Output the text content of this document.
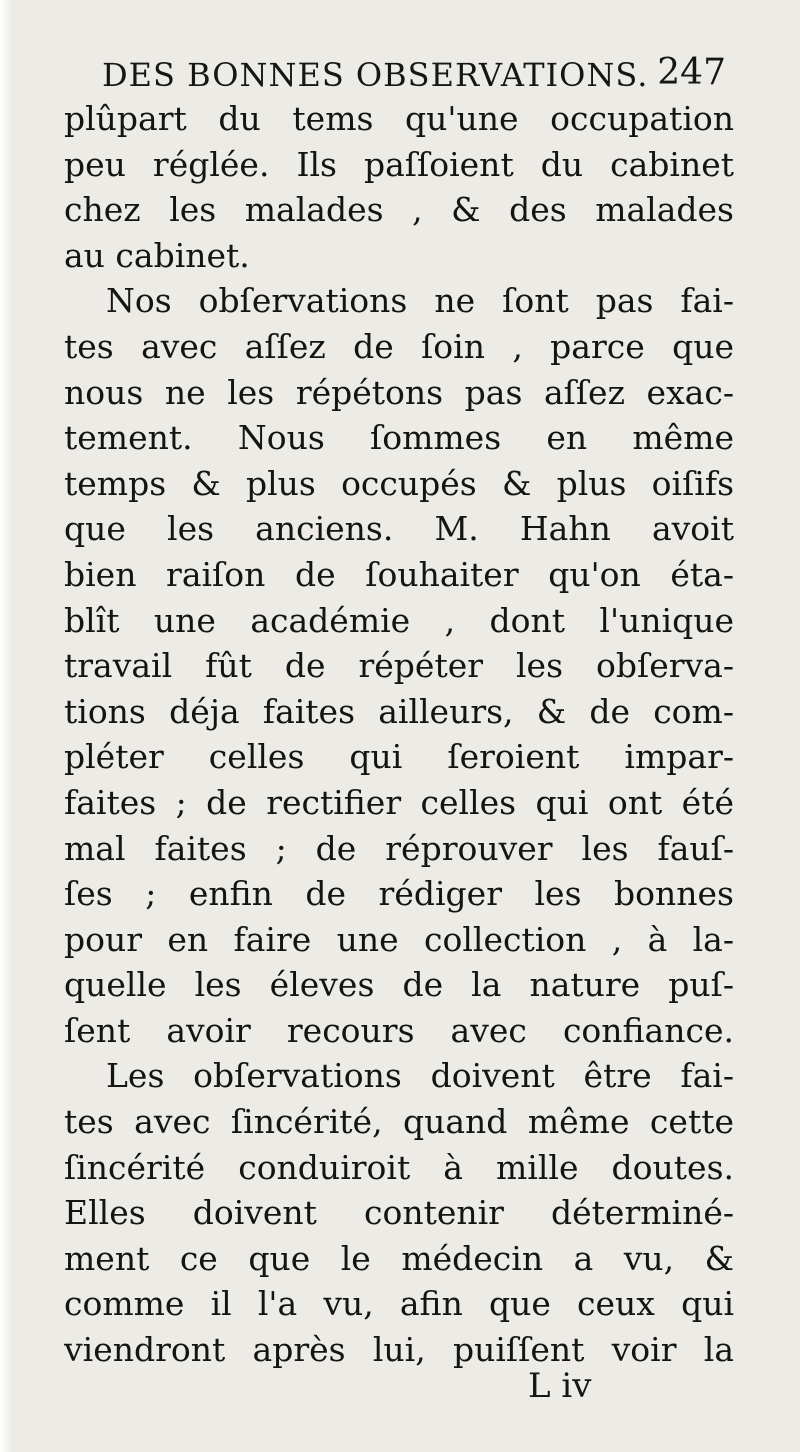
DES BONNES OBSERVATIONS. 247
plûpart du tems qu'une occupation
peu réglée. Ils paſſoient du cabinet
chez les malades , & des malades
au cabinet.
Nos obſervations ne ſont pas fai-
tes avec aſſez de ſoin , parce que
nous ne les répétons pas aſſez exac-
tement. Nous ſommes en même
temps & plus occupés & plus oiſifs
que les anciens. M. Hahn avoit
bien raiſon de ſouhaiter qu'on éta-
blît une académie , dont l'unique
travail fût de répéter les obſerva-
tions déja faites ailleurs, & de com-
pléter celles qui ſeroient impar-
faites ; de rectifier celles qui ont été
mal faites ; de réprouver les fauſ-
ſes ; enfin de rédiger les bonnes
pour en faire une collection , à la-
quelle les éleves de la nature puſ-
ſent avoir recours avec confiance.
Les obſervations doivent être fai-
tes avec ſincérité, quand même cette
ſincérité conduiroit à mille doutes.
Elles doivent contenir déterminé-
ment ce que le médecin a vu, &
comme il l'a vu, afin que ceux qui
viendront après lui, puiſſent voir la
L iv
